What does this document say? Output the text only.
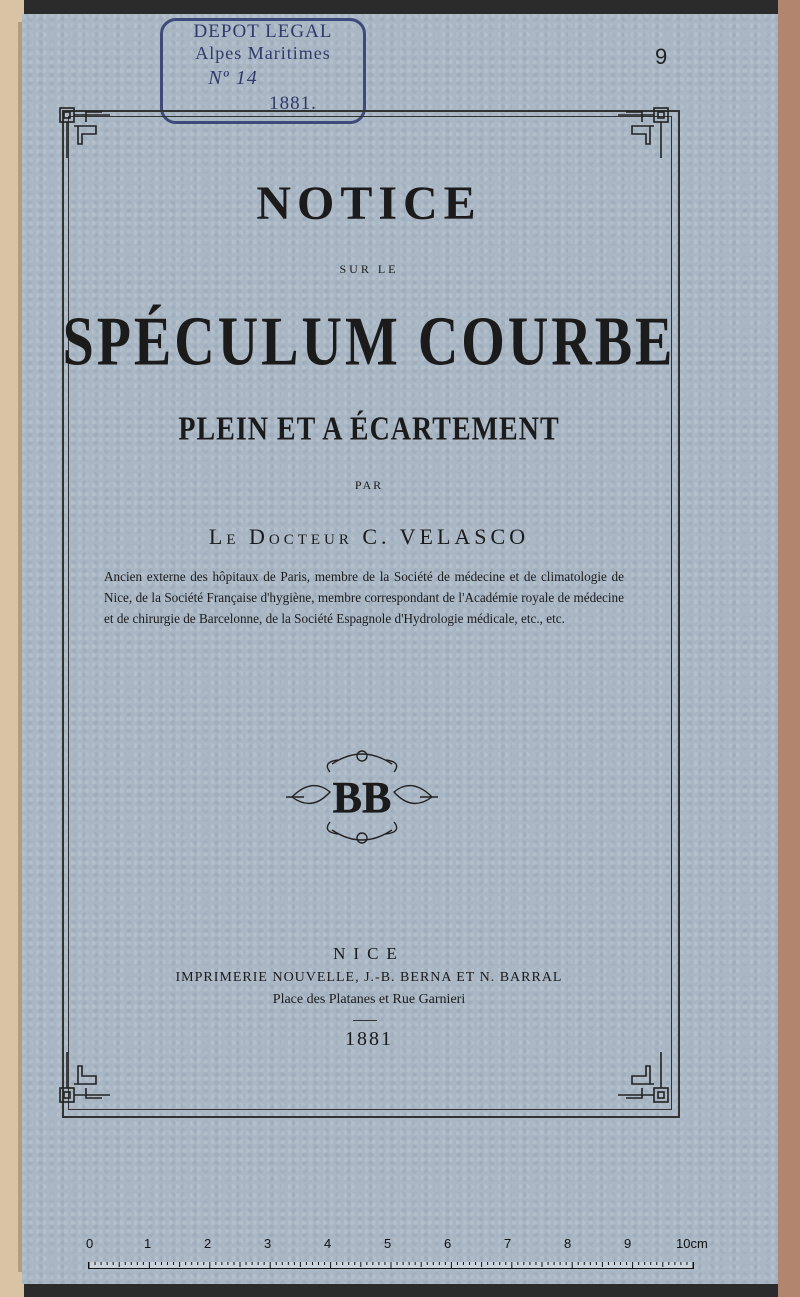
DEPOT LEGAL
Alpes Maritimes
Nº 14
1881.
9
NOTICE
SUR LE
SPÉCULUM COURBE
PLEIN ET A ÉCARTEMENT
PAR
Le Docteur C. VELASCO
Ancien externe des hôpitaux de Paris, membre de la Société de médecine et de climatologie de Nice, de la Société Française d'hygiène, membre correspondant de l'Académie royale de médecine et de chirurgie de Barcelonne, de la Société Espagnole d'Hydrologie médicale, etc., etc.
BB
NICE
IMPRIMERIE NOUVELLE, J.-B. BERNA ET N. BARRAL
Place des Platanes et Rue Garnieri
1881
0	1	2	3	4	5	6	7	8	9	10cm
